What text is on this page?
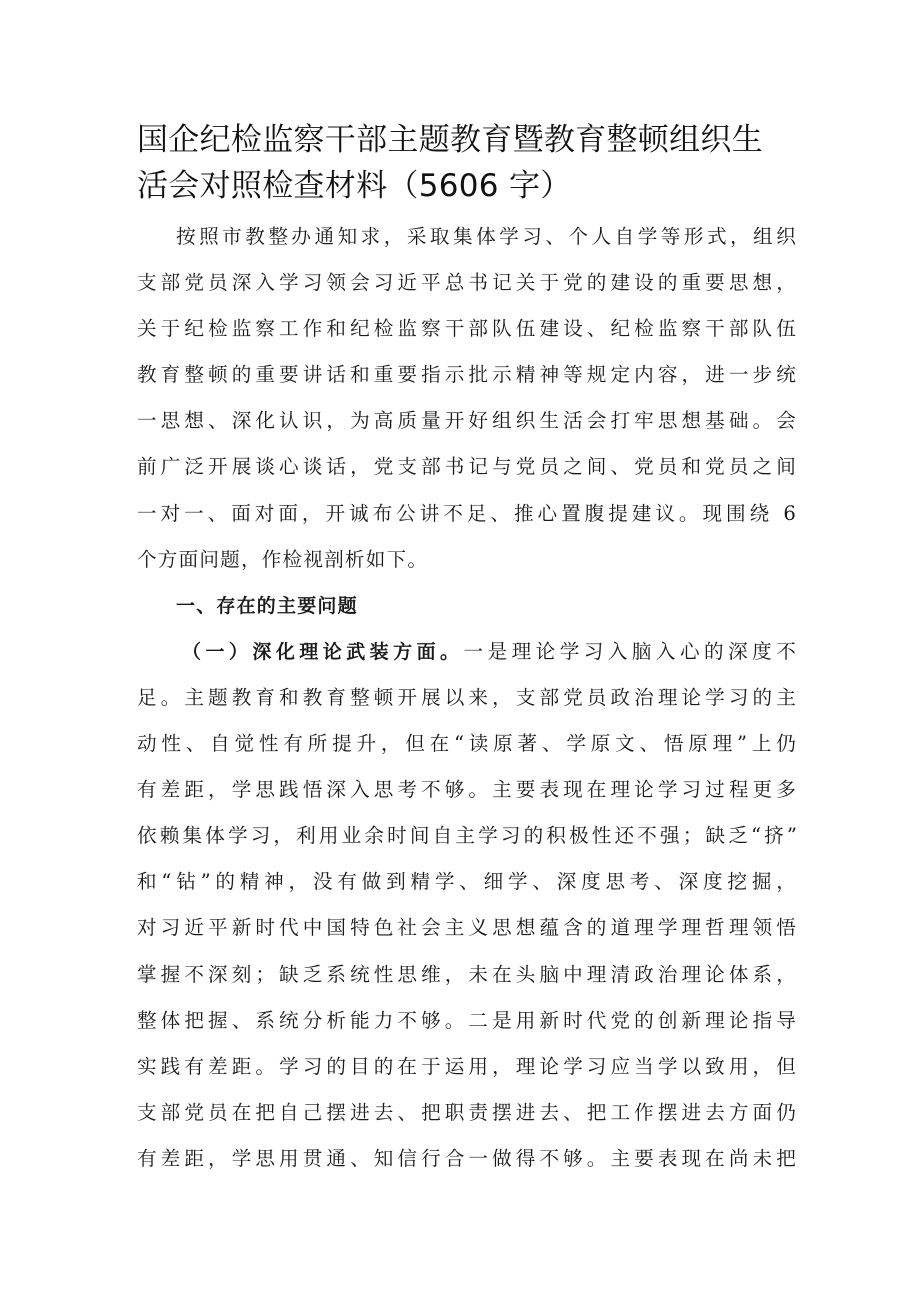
国企纪检监察干部主题教育暨教育整顿组织生
活会对照检查材料（5606 字）
按照市教整办通知求，采取集体学习、个人自学等形式，组织
支部党员深入学习领会习近平总书记关于党的建设的重要思想，
关于纪检监察工作和纪检监察干部队伍建设、纪检监察干部队伍
教育整顿的重要讲话和重要指示批示精神等规定内容，进一步统
一思想、深化认识，为高质量开好组织生活会打牢思想基础。会
前广泛开展谈心谈话，党支部书记与党员之间、党员和党员之间
一对一、面对面，开诚布公讲不足、推心置腹提建议。现围绕 6
个方面问题，作检视剖析如下。
一、存在的主要问题
（一）深化理论武装方面。一是理论学习入脑入心的深度不
足。主题教育和教育整顿开展以来，支部党员政治理论学习的主
动性、自觉性有所提升，但在“读原著、学原文、悟原理”上仍
有差距，学思践悟深入思考不够。主要表现在理论学习过程更多
依赖集体学习，利用业余时间自主学习的积极性还不强；缺乏“挤”
和“钻”的精神，没有做到精学、细学、深度思考、深度挖掘，
对习近平新时代中国特色社会主义思想蕴含的道理学理哲理领悟
掌握不深刻；缺乏系统性思维，未在头脑中理清政治理论体系，
整体把握、系统分析能力不够。二是用新时代党的创新理论指导
实践有差距。学习的目的在于运用，理论学习应当学以致用，但
支部党员在把自己摆进去、把职责摆进去、把工作摆进去方面仍
有差距，学思用贯通、知信行合一做得不够。主要表现在尚未把
